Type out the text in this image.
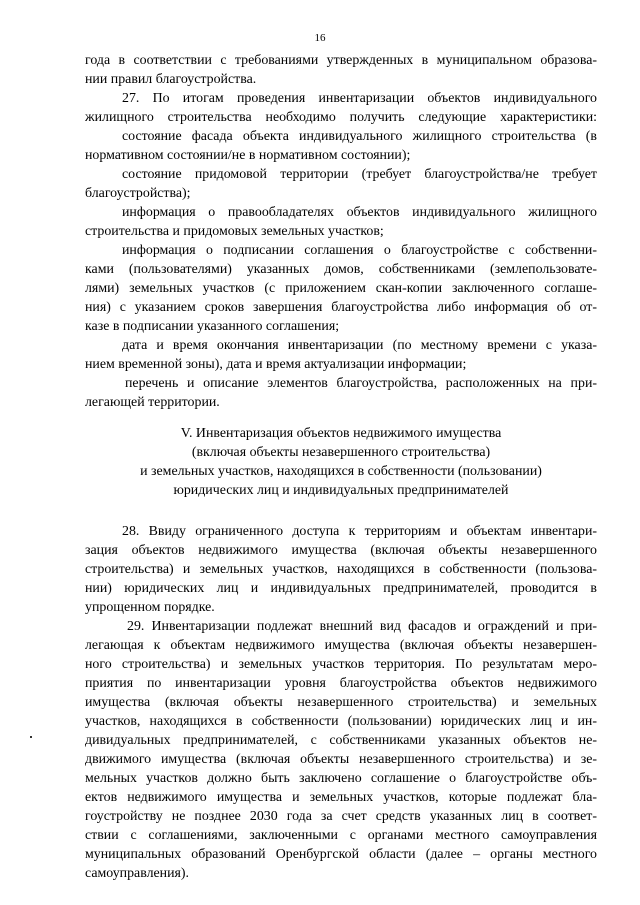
16
года в соответствии с требованиями утвержденных в муниципальном образова-
нии правил благоустройства.
27. По итогам проведения инвентаризации объектов индивидуального
жилищного строительства необходимо получить следующие характеристики:
состояние фасада объекта индивидуального жилищного строительства (в
нормативном состоянии/не в нормативном состоянии);
состояние придомовой территории (требует благоустройства/не требует
благоустройства);
информация о правообладателях объектов индивидуального жилищного
строительства и придомовых земельных участков;
информация о подписании соглашения о благоустройстве с собственни-
ками (пользователями) указанных домов, собственниками (землепользовате-
лями) земельных участков (с приложением скан-копии заключенного соглаше-
ния) с указанием сроков завершения благоустройства либо информация об от-
казе в подписании указанного соглашения;
дата и время окончания инвентаризации (по местному времени с указа-
нием временной зоны), дата и время актуализации информации;
перечень и описание элементов благоустройства, расположенных на при-
легающей территории.
V. Инвентаризация объектов недвижимого имущества
(включая объекты незавершенного строительства)
и земельных участков, находящихся в собственности (пользовании)
юридических лиц и индивидуальных предпринимателей
28. Ввиду ограниченного доступа к территориям и объектам инвентари-
зация объектов недвижимого имущества (включая объекты незавершенного
строительства) и земельных участков, находящихся в собственности (пользова-
нии) юридических лиц и индивидуальных предпринимателей, проводится в
упрощенном порядке.
29. Инвентаризации подлежат внешний вид фасадов и ограждений и при-
легающая к объектам недвижимого имущества (включая объекты незавершен-
ного строительства) и земельных участков территория. По результатам меро-
приятия по инвентаризации уровня благоустройства объектов недвижимого
имущества (включая объекты незавершенного строительства) и земельных
участков, находящихся в собственности (пользовании) юридических лиц и ин-
дивидуальных предпринимателей, с собственниками указанных объектов не-
движимого имущества (включая объекты незавершенного строительства) и зе-
мельных участков должно быть заключено соглашение о благоустройстве объ-
ектов недвижимого имущества и земельных участков, которые подлежат бла-
гоустройству не позднее 2030 года за счет средств указанных лиц в соответ-
ствии с соглашениями, заключенными с органами местного самоуправления
муниципальных образований Оренбургской области (далее – органы местного
самоуправления).
